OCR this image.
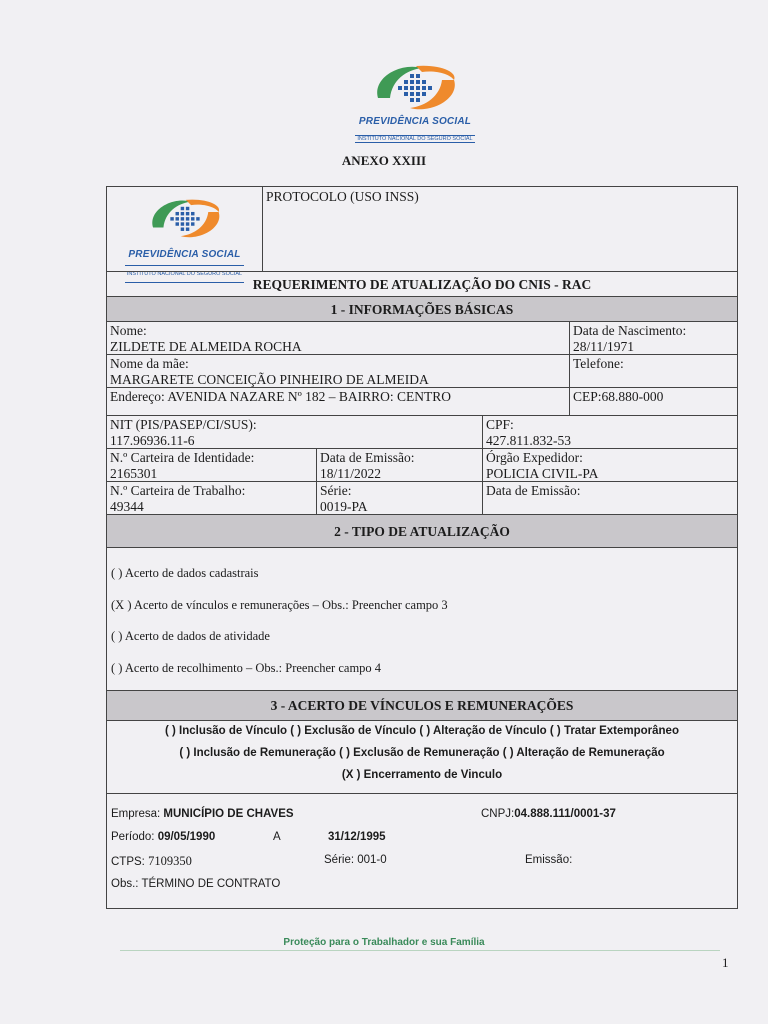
PREVIDÊNCIA SOCIAL
INSTITUTO NACIONAL DO SEGURO SOCIAL
ANEXO XXIII
PREVIDÊNCIA SOCIAL
INSTITUTO NACIONAL DO SEGURO SOCIAL
PROTOCOLO (USO INSS)
REQUERIMENTO DE ATUALIZAÇÃO DO CNIS - RAC
1 - INFORMAÇÕES BÁSICAS
Nome:
ZILDETE DE ALMEIDA ROCHA
Data de Nascimento:
28/11/1971
Nome da mãe:
MARGARETE CONCEIÇÃO PINHEIRO DE ALMEIDA
Telefone:
Endereço: AVENIDA NAZARE Nº 182 – BAIRRO: CENTRO	CEP:68.880-000
NIT (PIS/PASEP/CI/SUS):
117.96936.11-6
CPF:
427.811.832-53
N.º Carteira de Identidade:
2165301
Data de Emissão:
18/11/2022
Órgão Expedidor:
POLICIA CIVIL-PA
N.º Carteira de Trabalho:
49344
Série:
0019-PA
Data de Emissão:
2 - TIPO DE ATUALIZAÇÃO
( ) Acerto de dados cadastrais
(X ) Acerto de vínculos e remunerações – Obs.: Preencher campo 3
( ) Acerto de dados de atividade
( ) Acerto de recolhimento – Obs.: Preencher campo 4
3 - ACERTO DE VÍNCULOS E REMUNERAÇÕES
( ) Inclusão de Vínculo ( ) Exclusão de Vínculo ( ) Alteração de Vínculo ( ) Tratar Extemporâneo
( ) Inclusão de Remuneração ( ) Exclusão de Remuneração ( ) Alteração de Remuneração
(X ) Encerramento de Vinculo
Empresa: MUNICÍPIO DE CHAVES	CNPJ:04.888.111/0001-37
Período: 09/05/1990	A	31/12/1995
CTPS: 7109350	Série: 001-0	Emissão:
Obs.: TÉRMINO DE CONTRATO
Proteção para o Trabalhador e sua Família
1
